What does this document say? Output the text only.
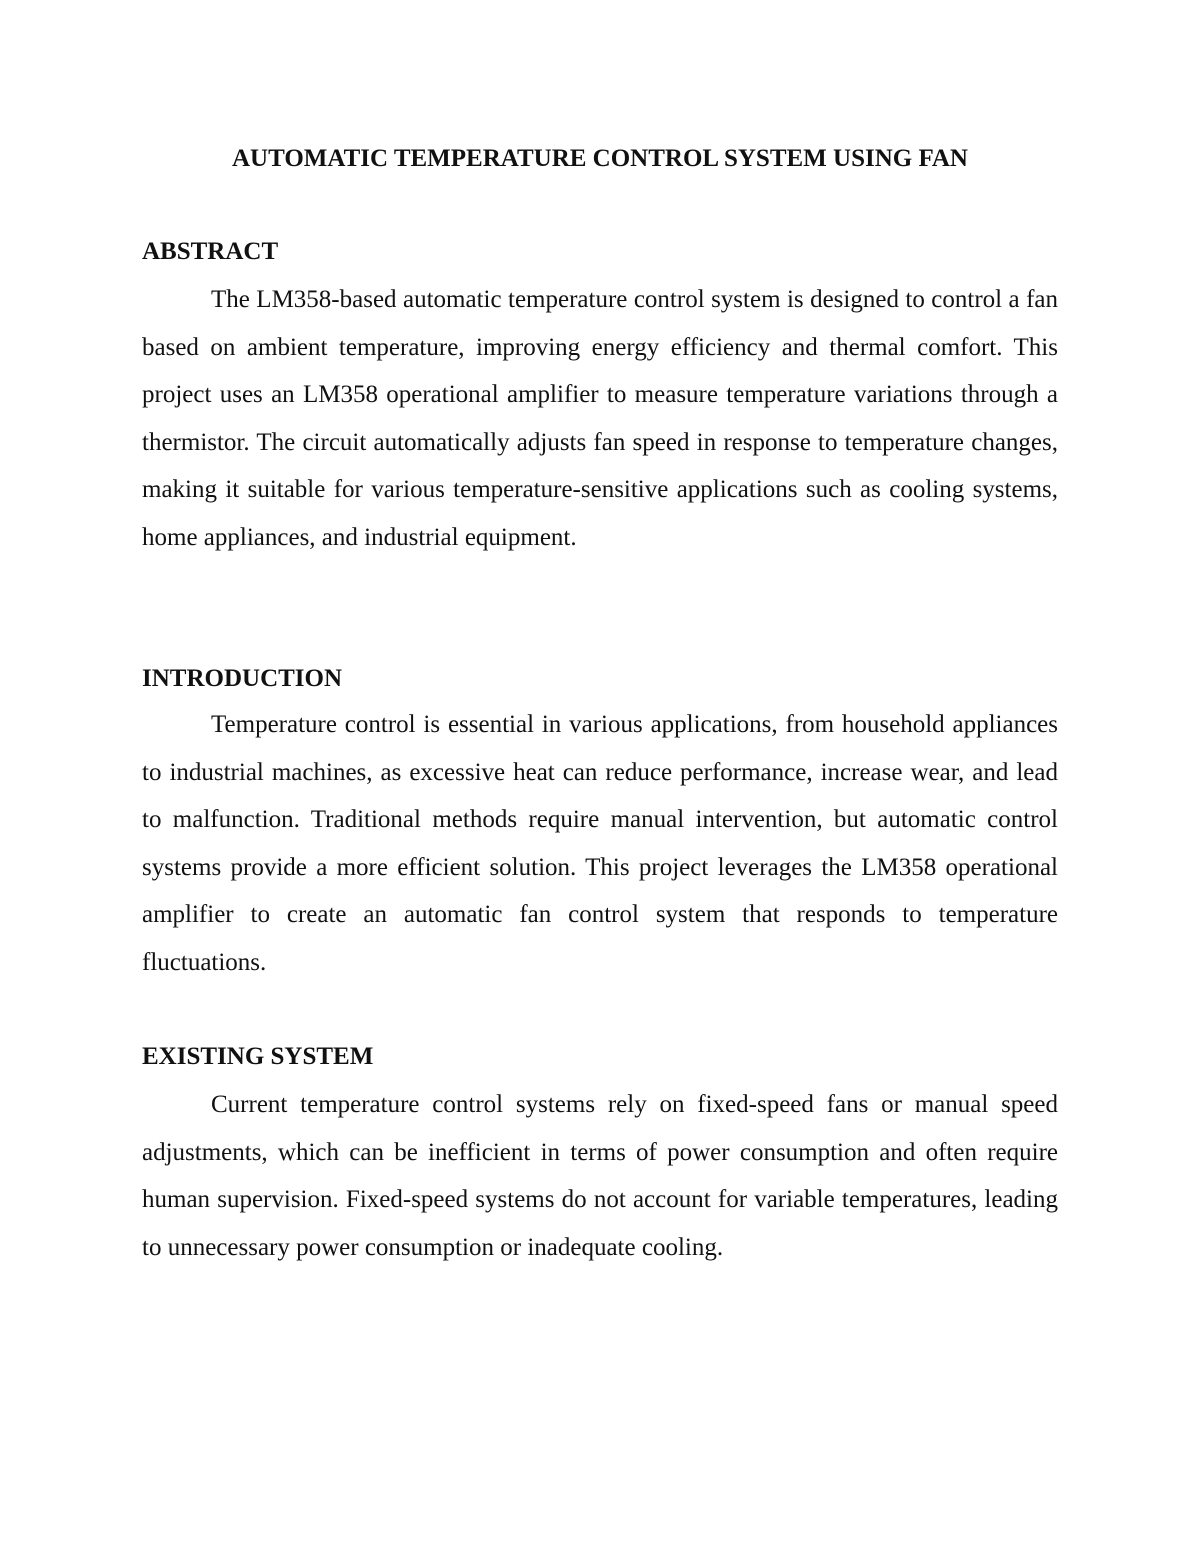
AUTOMATIC TEMPERATURE CONTROL SYSTEM USING FAN
ABSTRACT

The LM358-based automatic temperature control system is designed to control a fan based on ambient temperature, improving energy efficiency and thermal comfort. This project uses an LM358 operational amplifier to measure temperature variations through a thermistor. The circuit automatically adjusts fan speed in response to temperature changes, making it suitable for various temperature-sensitive applications such as cooling systems, home appliances, and industrial equipment.

INTRODUCTION

Temperature control is essential in various applications, from household appliances to industrial machines, as excessive heat can reduce performance, increase wear, and lead to malfunction. Traditional methods require manual intervention, but automatic control systems provide a more efficient solution. This project leverages the LM358 operational amplifier to create an automatic fan control system that responds to temperature fluctuations.

EXISTING SYSTEM

Current temperature control systems rely on fixed-speed fans or manual speed adjustments, which can be inefficient in terms of power consumption and often require human supervision. Fixed-speed systems do not account for variable temperatures, leading to unnecessary power consumption or inadequate cooling.
